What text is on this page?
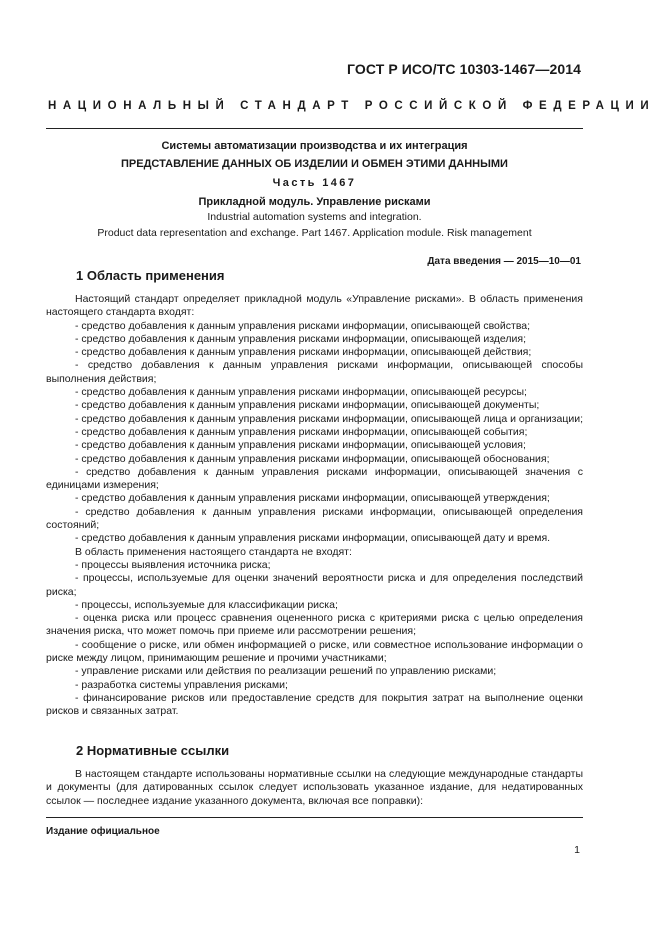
ГОСТ Р ИСО/ТС 10303-1467—2014
НАЦИОНАЛЬНЫЙ СТАНДАРТ РОССИЙСКОЙ ФЕДЕРАЦИИ
Системы автоматизации производства и их интеграция
ПРЕДСТАВЛЕНИЕ ДАННЫХ ОБ ИЗДЕЛИИ И ОБМЕН ЭТИМИ ДАННЫМИ
Часть 1467
Прикладной модуль. Управление рисками
Industrial automation systems and integration.
Product data representation and exchange. Part 1467. Application module. Risk management
Дата введения — 2015—10—01
1 Область применения

Настоящий стандарт определяет прикладной модуль «Управление рисками». В область применения настоящего стандарта входят:

- средство добавления к данным управления рисками информации, описывающей свойства;

- средство добавления к данным управления рисками информации, описывающей изделия;

- средство добавления к данным управления рисками информации, описывающей действия;

- средство добавления к данным управления рисками информации, описывающей способы выполнения действия;

- средство добавления к данным управления рисками информации, описывающей ресурсы;

- средство добавления к данным управления рисками информации, описывающей документы;

- средство добавления к данным управления рисками информации, описывающей лица и организации;

- средство добавления к данным управления рисками информации, описывающей события;

- средство добавления к данным управления рисками информации, описывающей условия;

- средство добавления к данным управления рисками информации, описывающей обоснования;

- средство добавления к данным управления рисками информации, описывающей значения с единицами измерения;

- средство добавления к данным управления рисками информации, описывающей утверждения;

- средство добавления к данным управления рисками информации, описывающей определения состояний;

- средство добавления к данным управления рисками информации, описывающей дату и время.

В область применения настоящего стандарта не входят:

- процессы выявления источника риска;

- процессы, используемые для оценки значений вероятности риска и для определения последствий риска;

- процессы, используемые для классификации риска;

- оценка риска или процесс сравнения оцененного риска с критериями риска с целью определения значения риска, что может помочь при приеме или рассмотрении решения;

- сообщение о риске, или обмен информацией о риске, или совместное использование информации о риске между лицом, принимающим решение и прочими участниками;

- управление рисками или действия по реализации решений по управлению рисками;

- разработка системы управления рисками;

- финансирование рисков или предоставление средств для покрытия затрат на выполнение оценки рисков и связанных затрат.

2 Нормативные ссылки

В настоящем стандарте использованы нормативные ссылки на следующие международные стандарты и документы (для датированных ссылок следует использовать указанное издание, для недатированных ссылок — последнее издание указанного документа, включая все поправки):

Издание официальное
1
